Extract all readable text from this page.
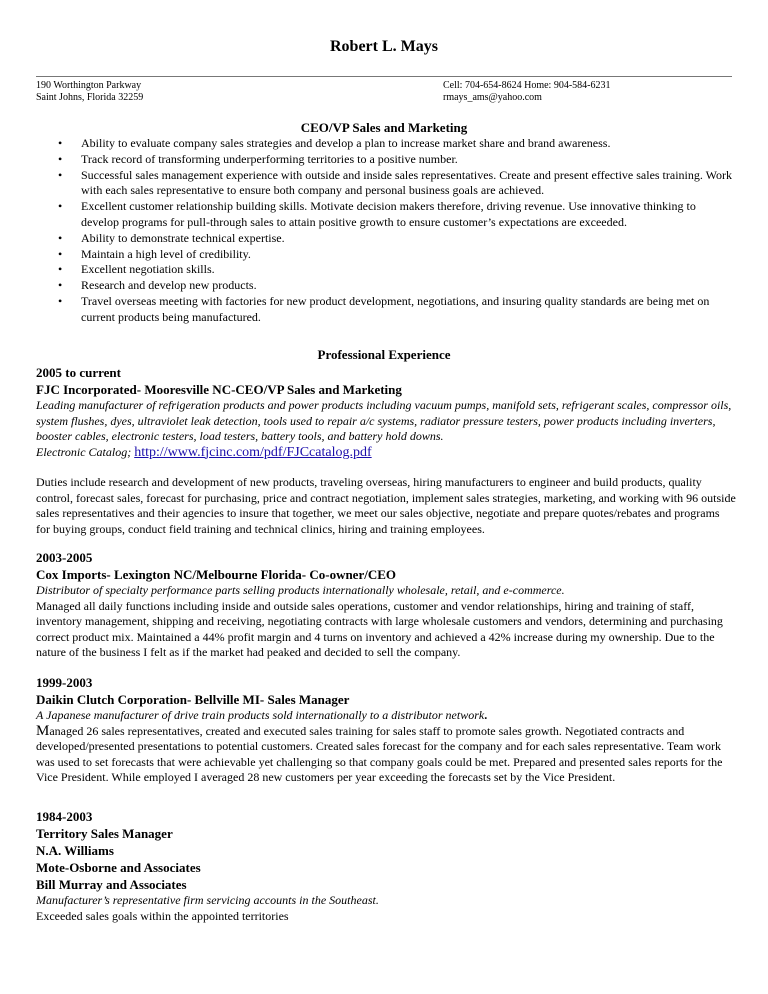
Robert L. Mays
190 Worthington Parkway
Saint Johns, Florida 32259
Cell: 704-654-8624 Home: 904-584-6231
rmays_ams@yahoo.com
CEO/VP Sales and Marketing
• Ability to evaluate company sales strategies and develop a plan to increase market share and brand awareness.
• Track record of transforming underperforming territories to a positive number.
• Successful sales management experience with outside and inside sales representatives. Create and present effective sales training. Work with each sales representative to ensure both company and personal business goals are achieved.
• Excellent customer relationship building skills. Motivate decision makers therefore, driving revenue. Use innovative thinking to develop programs for pull-through sales to attain positive growth to ensure customer’s expectations are exceeded.
• Ability to demonstrate technical expertise.
• Maintain a high level of credibility.
• Excellent negotiation skills.
• Research and develop new products.
• Travel overseas meeting with factories for new product development, negotiations, and insuring quality standards are being met on current products being manufactured.
Professional Experience
2005 to current
FJC Incorporated- Mooresville NC-CEO/VP Sales and Marketing
Leading manufacturer of refrigeration products and power products including vacuum pumps, manifold sets, refrigerant scales, compressor oils, system flushes, dyes, ultraviolet leak detection, tools used to repair a/c systems, radiator pressure testers, power products including inverters, booster cables, electronic testers, load testers, battery tools, and battery hold downs.
Electronic Catalog; http://www.fjcinc.com/pdf/FJCcatalog.pdf
Duties include research and development of new products, traveling overseas, hiring manufacturers to engineer and build products, quality control, forecast sales, forecast for purchasing, price and contract negotiation, implement sales strategies, marketing, and working with 96 outside sales representatives and their agencies to insure that together, we meet our sales objective, negotiate and prepare quotes/rebates and programs for buying groups, conduct field training and technical clinics, hiring and training employees.
2003-2005
Cox Imports- Lexington NC/Melbourne Florida- Co-owner/CEO
Distributor of specialty performance parts selling products internationally wholesale, retail, and e-commerce.
Managed all daily functions including inside and outside sales operations, customer and vendor relationships, hiring and training of staff, inventory management, shipping and receiving, negotiating contracts with large wholesale customers and vendors, determining and purchasing correct product mix. Maintained a 44% profit margin and 4 turns on inventory and achieved a 42% increase during my ownership. Due to the nature of the business I felt as if the market had peaked and decided to sell the company.
1999-2003
Daikin Clutch Corporation- Bellville MI- Sales Manager
A Japanese manufacturer of drive train products sold internationally to a distributor network.
Managed 26 sales representatives, created and executed sales training for sales staff to promote sales growth. Negotiated contracts and developed/presented presentations to potential customers. Created sales forecast for the company and for each sales representative. Team work was used to set forecasts that were achievable yet challenging so that company goals could be met. Prepared and presented sales reports for the Vice President. While employed I averaged 28 new customers per year exceeding the forecasts set by the Vice President.
1984-2003
Territory Sales Manager
N.A. Williams
Mote-Osborne and Associates
Bill Murray and Associates
Manufacturer’s representative firm servicing accounts in the Southeast.
Exceeded sales goals within the appointed territories
